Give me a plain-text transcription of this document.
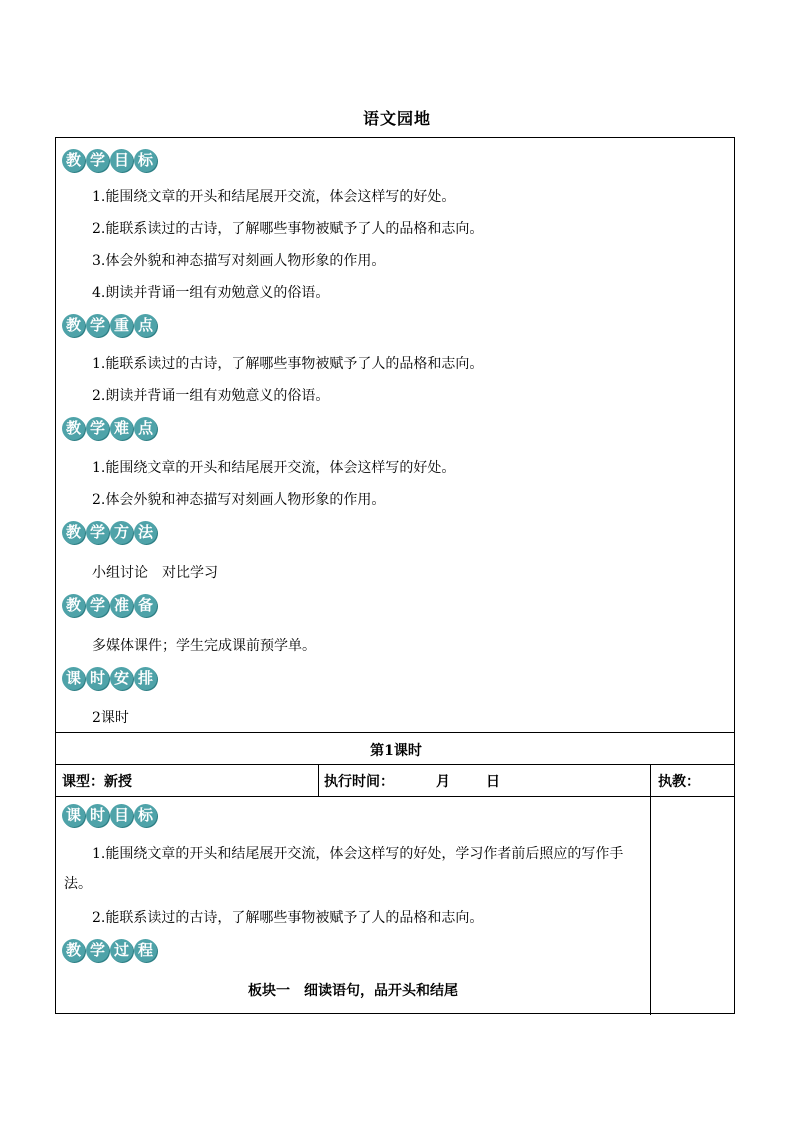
语文园地
教 学 目 标
1.能围绕文章的开头和结尾展开交流，体会这样写的好处。
2.能联系读过的古诗，了解哪些事物被赋予了人的品格和志向。
3.体会外貌和神态描写对刻画人物形象的作用。
4.朗读并背诵一组有劝勉意义的俗语。
教 学 重 点
1.能联系读过的古诗，了解哪些事物被赋予了人的品格和志向。
2.朗读并背诵一组有劝勉意义的俗语。
教 学 难 点
1.能围绕文章的开头和结尾展开交流，体会这样写的好处。
2.体会外貌和神态描写对刻画人物形象的作用。
教 学 方 法
小组讨论　对比学习
教 学 准 备
多媒体课件；学生完成课前预学单。
课 时 安 排
2课时
第1课时
课型：新授	执行时间：	月	日	执教：
课 时 目 标
1.能围绕文章的开头和结尾展开交流，体会这样写的好处，学习作者前后照应的写作手法。
2.能联系读过的古诗，了解哪些事物被赋予了人的品格和志向。
教 学 过 程
板块一　细读语句，品开头和结尾
